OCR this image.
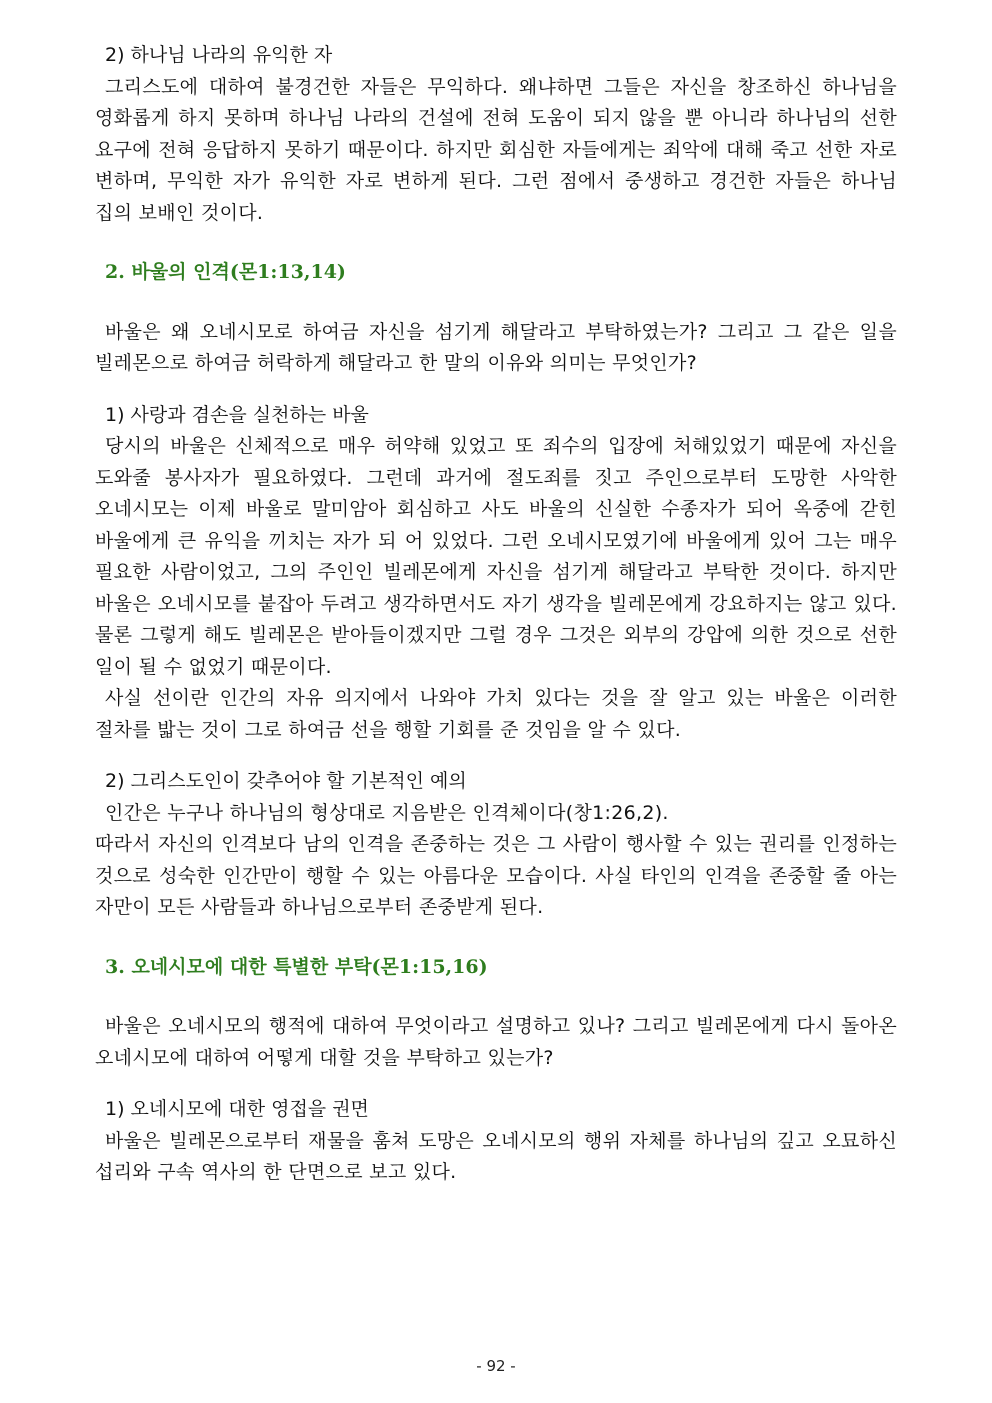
2) 하나님 나라의 유익한 자

그리스도에 대하여 불경건한 자들은 무익하다. 왜냐하면 그들은 자신을 창조하신 하나님을 영화롭게 하지 못하며 하나님 나라의 건설에 전혀 도움이 되지 않을 뿐 아니라 하나님의 선한 요구에 전혀 응답하지 못하기 때문이다. 하지만 회심한 자들에게는 죄악에 대해 죽고 선한 자로 변하며, 무익한 자가 유익한 자로 변하게 된다. 그런 점에서 중생하고 경건한 자들은 하나님 집의 보배인 것이다.

2. 바울의 인격(몬1:13,14)

바울은 왜 오네시모로 하여금 자신을 섬기게 해달라고 부탁하였는가? 그리고 그 같은 일을 빌레몬으로 하여금 허락하게 해달라고 한 말의 이유와 의미는 무엇인가?

1) 사랑과 겸손을 실천하는 바울

당시의 바울은 신체적으로 매우 허약해 있었고 또 죄수의 입장에 처해있었기 때문에 자신을 도와줄 봉사자가 필요하였다. 그런데 과거에 절도죄를 짓고 주인으로부터 도망한 사악한 오네시모는 이제 바울로 말미암아 회심하고 사도 바울의 신실한 수종자가 되어 옥중에 갇힌 바울에게 큰 유익을 끼치는 자가 되 어 있었다. 그런 오네시모였기에 바울에게 있어 그는 매우 필요한 사람이었고, 그의 주인인 빌레몬에게 자신을 섬기게 해달라고 부탁한 것이다. 하지만 바울은 오네시모를 붙잡아 두려고 생각하면서도 자기 생각을 빌레몬에게 강요하지는 않고 있다. 물론 그렇게 해도 빌레몬은 받아들이겠지만 그럴 경우 그것은 외부의 강압에 의한 것으로 선한 일이 될 수 없었기 때문이다.

사실 선이란 인간의 자유 의지에서 나와야 가치 있다는 것을 잘 알고 있는 바울은 이러한 절차를 밟는 것이 그로 하여금 선을 행할 기회를 준 것임을 알 수 있다.

2) 그리스도인이 갖추어야 할 기본적인 예의

인간은 누구나 하나님의 형상대로 지음받은 인격체이다(창1:26,2).

따라서 자신의 인격보다 남의 인격을 존중하는 것은 그 사람이 행사할 수 있는 권리를 인정하는 것으로 성숙한 인간만이 행할 수 있는 아름다운 모습이다. 사실 타인의 인격을 존중할 줄 아는 자만이 모든 사람들과 하나님으로부터 존중받게 된다.

3. 오네시모에 대한 특별한 부탁(몬1:15,16)

바울은 오네시모의 행적에 대하여 무엇이라고 설명하고 있나? 그리고 빌레몬에게 다시 돌아온 오네시모에 대하여 어떻게 대할 것을 부탁하고 있는가?

1) 오네시모에 대한 영접을 권면

바울은 빌레몬으로부터 재물을 훔쳐 도망은 오네시모의 행위 자체를 하나님의 깊고 오묘하신 섭리와 구속 역사의 한 단면으로 보고 있다.

- 92 -
